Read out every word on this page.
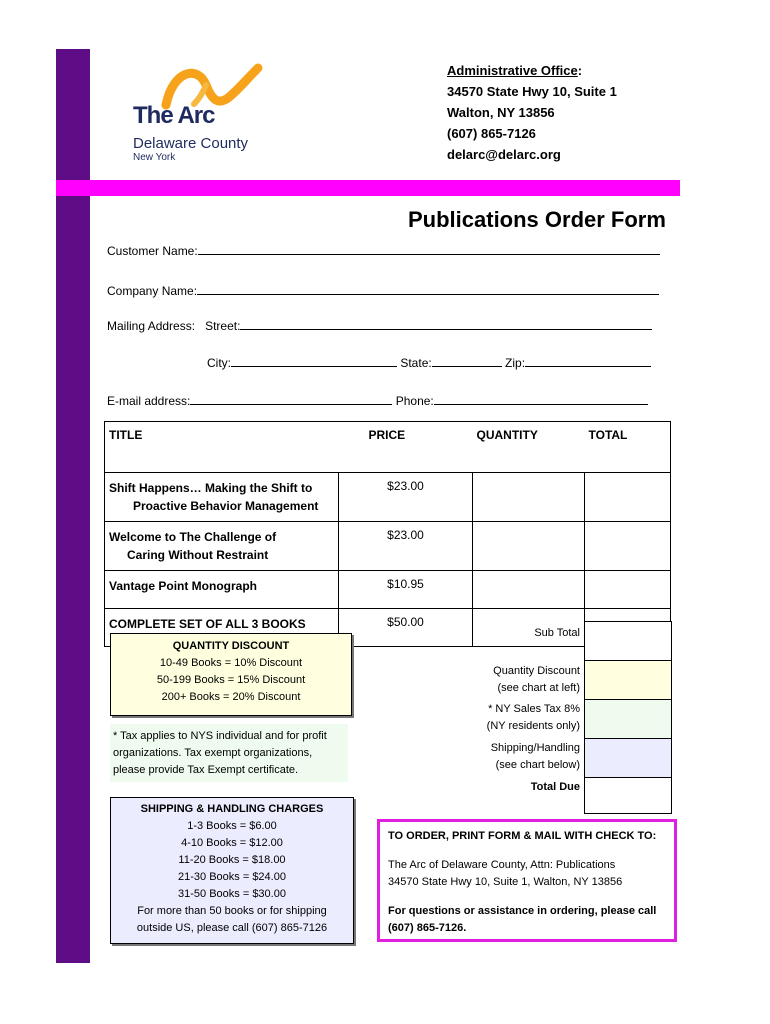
The Arc
Delaware County
New York
Administrative Office:
34570 State Hwy 10, Suite 1
Walton, NY 13856
(607) 865-7126
delarc@delarc.org
Publications Order Form
Customer Name:
Company Name:
Mailing Address: Street:
City:	State:	Zip:
E-mail address:	Phone:
TITLE	PRICE	QUANTITY	TOTAL

Shift Happens… Making the Shift to
Proactive Behavior Management	$23.00		

Welcome to The Challenge of
Caring Without Restraint	$23.00		
Vantage Point Monograph	$10.95		
COMPLETE SET OF ALL 3 BOOKS	$50.00		
Sub Total
Quantity Discount
(see chart at left)
* NY Sales Tax 8%
(NY residents only)
Shipping/Handling
(see chart below)
Total Due
QUANTITY DISCOUNT
10-49 Books = 10% Discount
50-199 Books = 15% Discount
200+ Books = 20% Discount
* Tax applies to NYS individual and for profit
organizations. Tax exempt organizations,
please provide Tax Exempt certificate.
SHIPPING & HANDLING CHARGES
1-3 Books = $6.00
4-10 Books = $12.00
11-20 Books = $18.00
21-30 Books = $24.00
31-50 Books = $30.00
For more than 50 books or for shipping
outside US, please call (607) 865-7126
TO ORDER, PRINT FORM & MAIL WITH CHECK TO:
The Arc of Delaware County, Attn: Publications
34570 State Hwy 10, Suite 1, Walton, NY 13856
For questions or assistance in ordering, please call
(607) 865-7126.
